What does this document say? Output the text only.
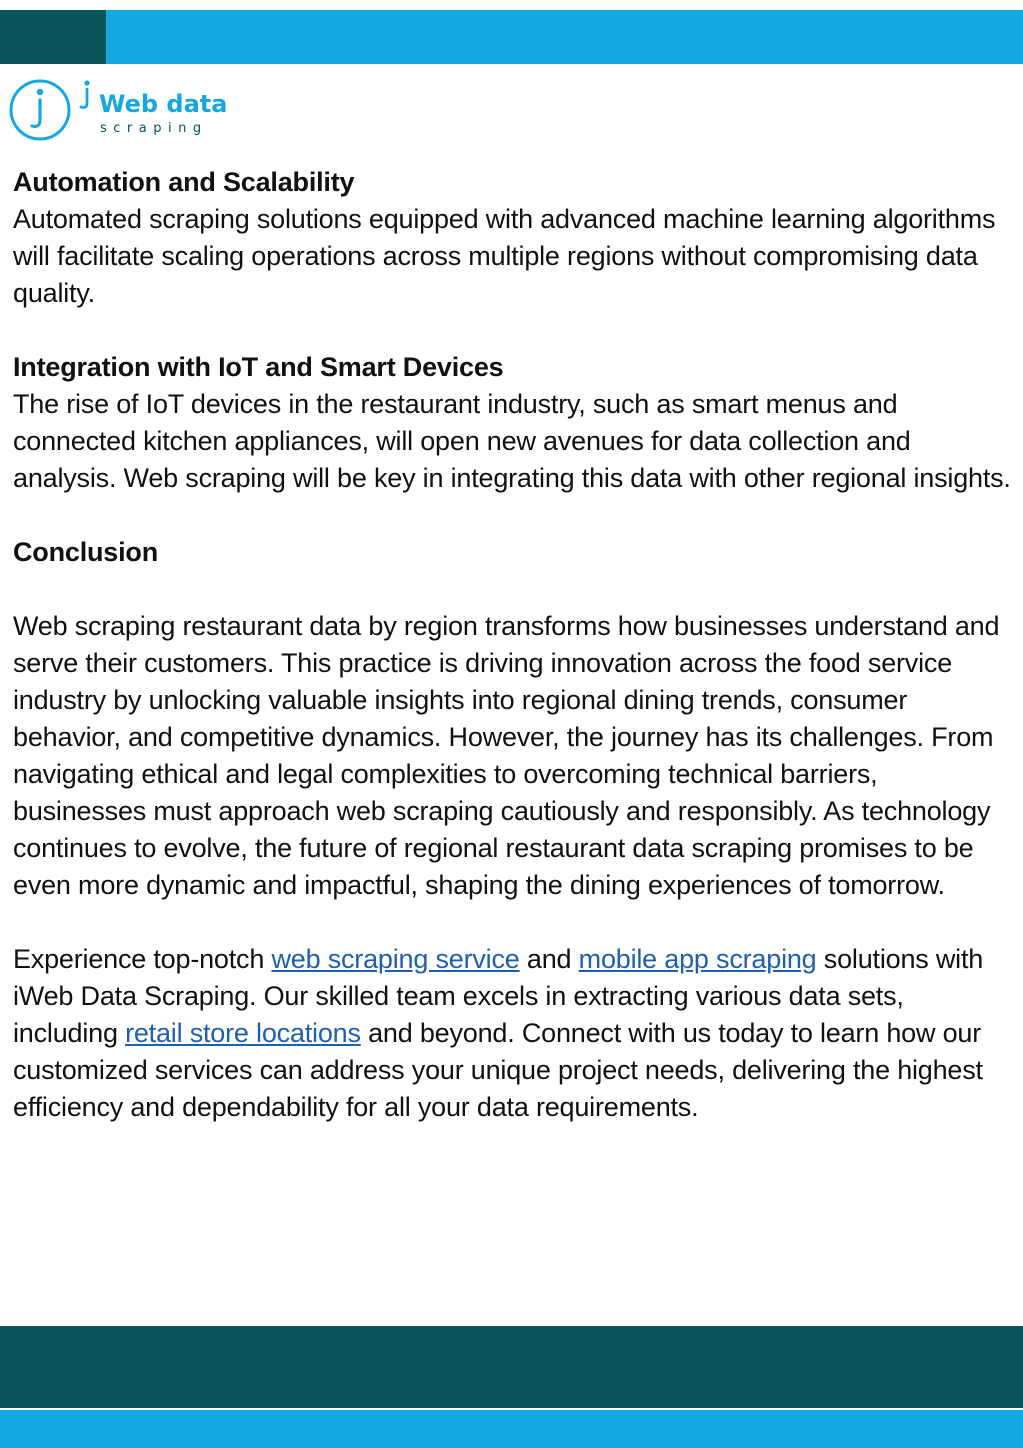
Web data
scraping

Automation and Scalability

Automated scraping solutions equipped with advanced machine learning algorithms will facilitate scaling operations across multiple regions without compromising data quality.

Integration with IoT and Smart Devices

The rise of IoT devices in the restaurant industry, such as smart menus and connected kitchen appliances, will open new avenues for data collection and analysis. Web scraping will be key in integrating this data with other regional insights.

Conclusion

Web scraping restaurant data by region transforms how businesses understand and serve their customers. This practice is driving innovation across the food service industry by unlocking valuable insights into regional dining trends, consumer behavior, and competitive dynamics. However, the journey has its challenges. From navigating ethical and legal complexities to overcoming technical barriers, businesses must approach web scraping cautiously and responsibly. As technology continues to evolve, the future of regional restaurant data scraping promises to be even more dynamic and impactful, shaping the dining experiences of tomorrow.

Experience top-notch web scraping service and mobile app scraping solutions with iWeb Data Scraping. Our skilled team excels in extracting various data sets, including retail store locations and beyond. Connect with us today to learn how our customized services can address your unique project needs, delivering the highest efficiency and dependability for all your data requirements.
